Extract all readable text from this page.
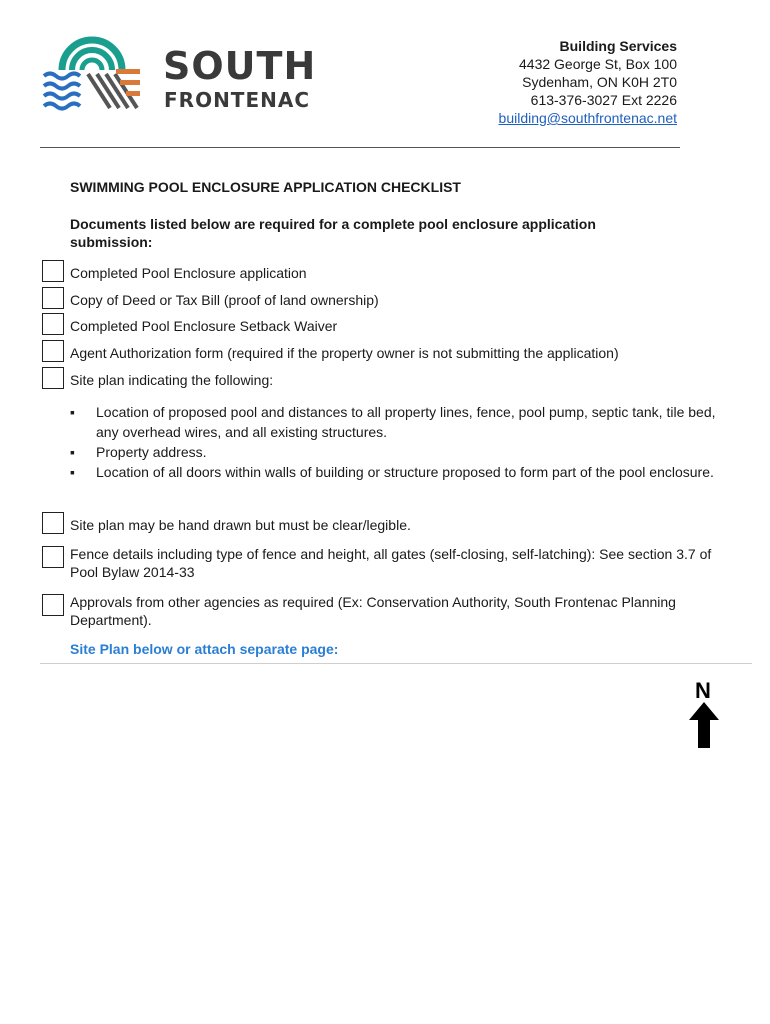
SOUTH
FRONTENAC
Building Services
4432 George St, Box 100
Sydenham, ON K0H 2T0
613-376-3027 Ext 2226
building@southfrontenac.net
SWIMMING POOL ENCLOSURE APPLICATION CHECKLIST
Documents listed below are required for a complete pool enclosure application submission:
Completed Pool Enclosure application
Copy of Deed or Tax Bill (proof of land ownership)
Completed Pool Enclosure Setback Waiver
Agent Authorization form (required if the property owner is not submitting the application)
Site plan indicating the following:
▪ Location of proposed pool and distances to all property lines, fence, pool pump, septic tank, tile bed, any overhead wires, and all existing structures.
▪ Property address.
▪ Location of all doors within walls of building or structure proposed to form part of the pool enclosure.
Site plan may be hand drawn but must be clear/legible.
Fence details including type of fence and height, all gates (self-closing, self-latching): See section 3.7 of Pool Bylaw 2014-33
Approvals from other agencies as required (Ex: Conservation Authority, South Frontenac Planning Department).
Site Plan below or attach separate page:
N
